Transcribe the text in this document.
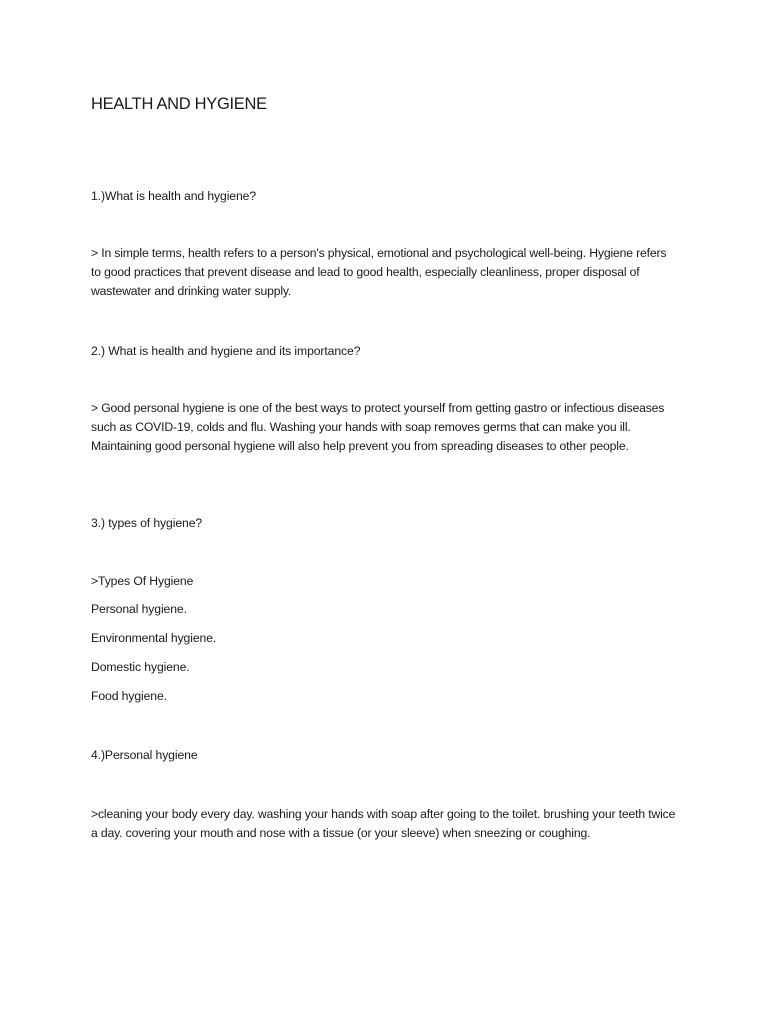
HEALTH AND HYGIENE

1.)What is health and hygiene?

> In simple terms, health refers to a person's physical, emotional and psychological well-being. Hygiene refers to good practices that prevent disease and lead to good health, especially cleanliness, proper disposal of wastewater and drinking water supply.

2.) What is health and hygiene and its importance?

> Good personal hygiene is one of the best ways to protect yourself from getting gastro or infectious diseases such as COVID-19, colds and flu. Washing your hands with soap removes germs that can make you ill. Maintaining good personal hygiene will also help prevent you from spreading diseases to other people.

3.) types of hygiene?

>Types Of Hygiene

Personal hygiene.

Environmental hygiene.

Domestic hygiene.

Food hygiene.

4.)Personal hygiene

>cleaning your body every day. washing your hands with soap after going to the toilet. brushing your teeth twice a day. covering your mouth and nose with a tissue (or your sleeve) when sneezing or coughing.
